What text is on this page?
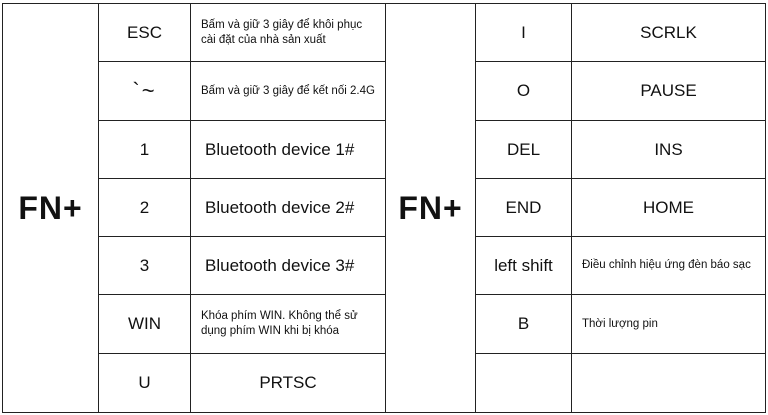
FN+	ESC	Bấm và giữ 3 giây để khôi phục cài đặt của nhà sản xuất
	`~	Bấm và giữ 3 giây để kết nối 2.4G
	1	Bluetooth device 1#
	2	Bluetooth device 2#
	3	Bluetooth device 3#
	WIN	Khóa phím WIN. Không thể sử dụng phím WIN khi bị khóa
	U	PRTSC
FN+	I	SCRLK
	O	PAUSE
	DEL	INS
	END	HOME
	left shift	Điều chỉnh hiệu ứng đèn báo sạc
	B	Thời lượng pin
